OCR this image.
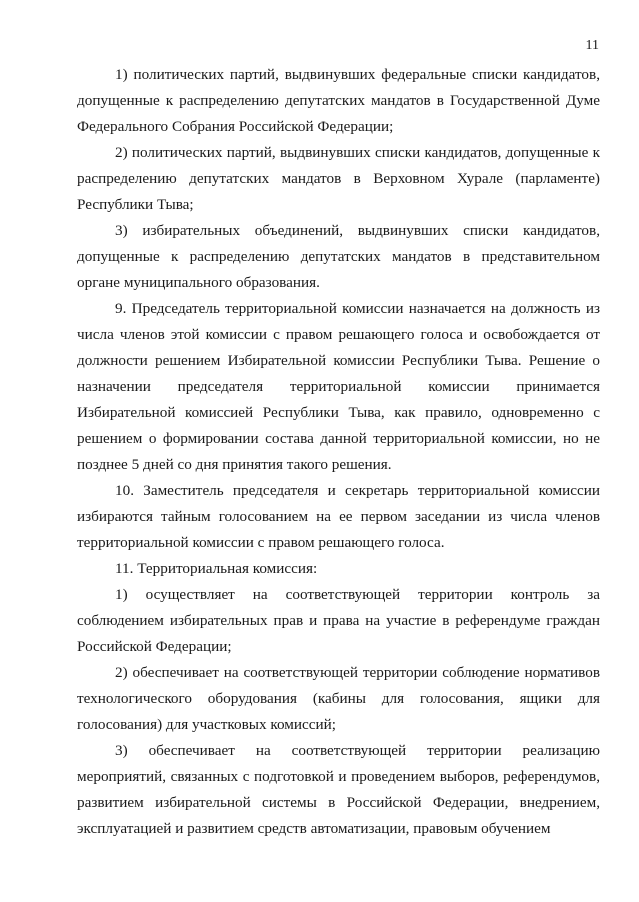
11

1) политических партий, выдвинувших федеральные списки кандидатов, допущенные к распределению депутатских мандатов в Государственной Думе Федерального Собрания Российской Федерации;

2) политических партий, выдвинувших списки кандидатов, допущенные к распределению депутатских мандатов в Верховном Хурале (парламенте) Республики Тыва;

3) избирательных объединений, выдвинувших списки кандидатов, допущенные к распределению депутатских мандатов в представительном органе муниципального образования.

9. Председатель территориальной комиссии назначается на должность из числа членов этой комиссии с правом решающего голоса и освобождается от должности решением Избирательной комиссии Республики Тыва. Решение о назначении председателя территориальной комиссии принимается Избирательной комиссией Республики Тыва, как правило, одновременно с решением о формировании состава данной территориальной комиссии, но не позднее 5 дней со дня принятия такого решения.

10. Заместитель председателя и секретарь территориальной комиссии избираются тайным голосованием на ее первом заседании из числа членов территориальной комиссии с правом решающего голоса.

11. Территориальная комиссия:

1) осуществляет на соответствующей территории контроль за соблюдением избирательных прав и права на участие в референдуме граждан Российской Федерации;

2) обеспечивает на соответствующей территории соблюдение нормативов технологического оборудования (кабины для голосования, ящики для голосования) для участковых комиссий;

3) обеспечивает на соответствующей территории реализацию мероприятий, связанных с подготовкой и проведением выборов, референдумов, развитием избирательной системы в Российской Федерации, внедрением, эксплуатацией и развитием средств автоматизации, правовым обучением
